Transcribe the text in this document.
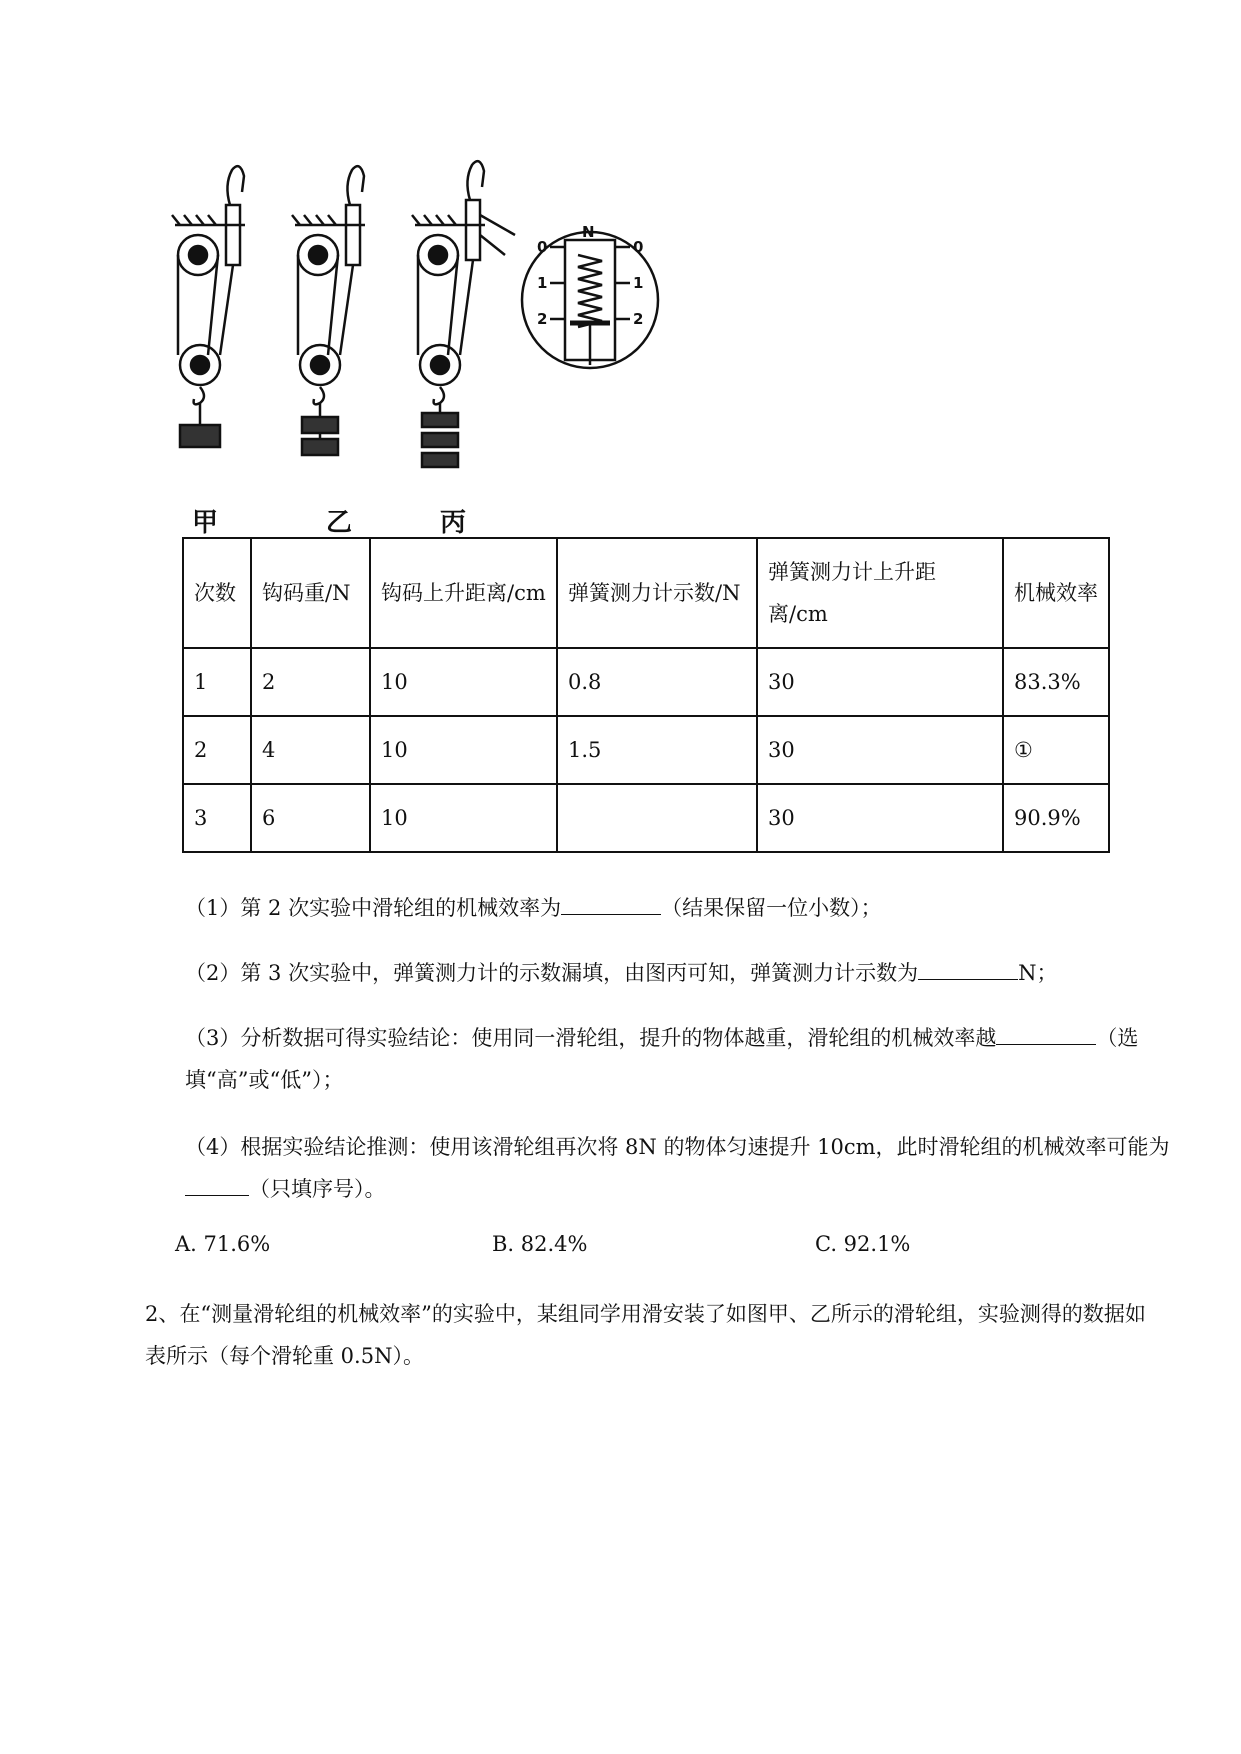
N
0	0
1	1
2	2
甲	乙	丙
次数	钩码重/N	钩码上升距离/cm	弹簧测力计示数/N	弹簧测力计上升距离/cm	机械效率
1	2	10	0.8	30	83.3%
2	4	10	1.5	30	①
3	6	10		30	90.9%
（1）第 2 次实验中滑轮组的机械效率为	（结果保留一位小数）；
（2）第 3 次实验中，弹簧测力计的示数漏填，由图丙可知，弹簧测力计示数为	N；
（3）分析数据可得实验结论：使用同一滑轮组，提升的物体越重，滑轮组的机械效率越	（选填“高”或“低”）；
（4）根据实验结论推测：使用该滑轮组再次将 8N 的物体匀速提升 10cm，此时滑轮组的机械效率可能为（只填序号）。
A. 71.6%	B. 82.4%	C. 92.1%
2、在“测量滑轮组的机械效率”的实验中，某组同学用滑安装了如图甲、乙所示的滑轮组，实验测得的数据如表所示（每个滑轮重 0.5N）。
